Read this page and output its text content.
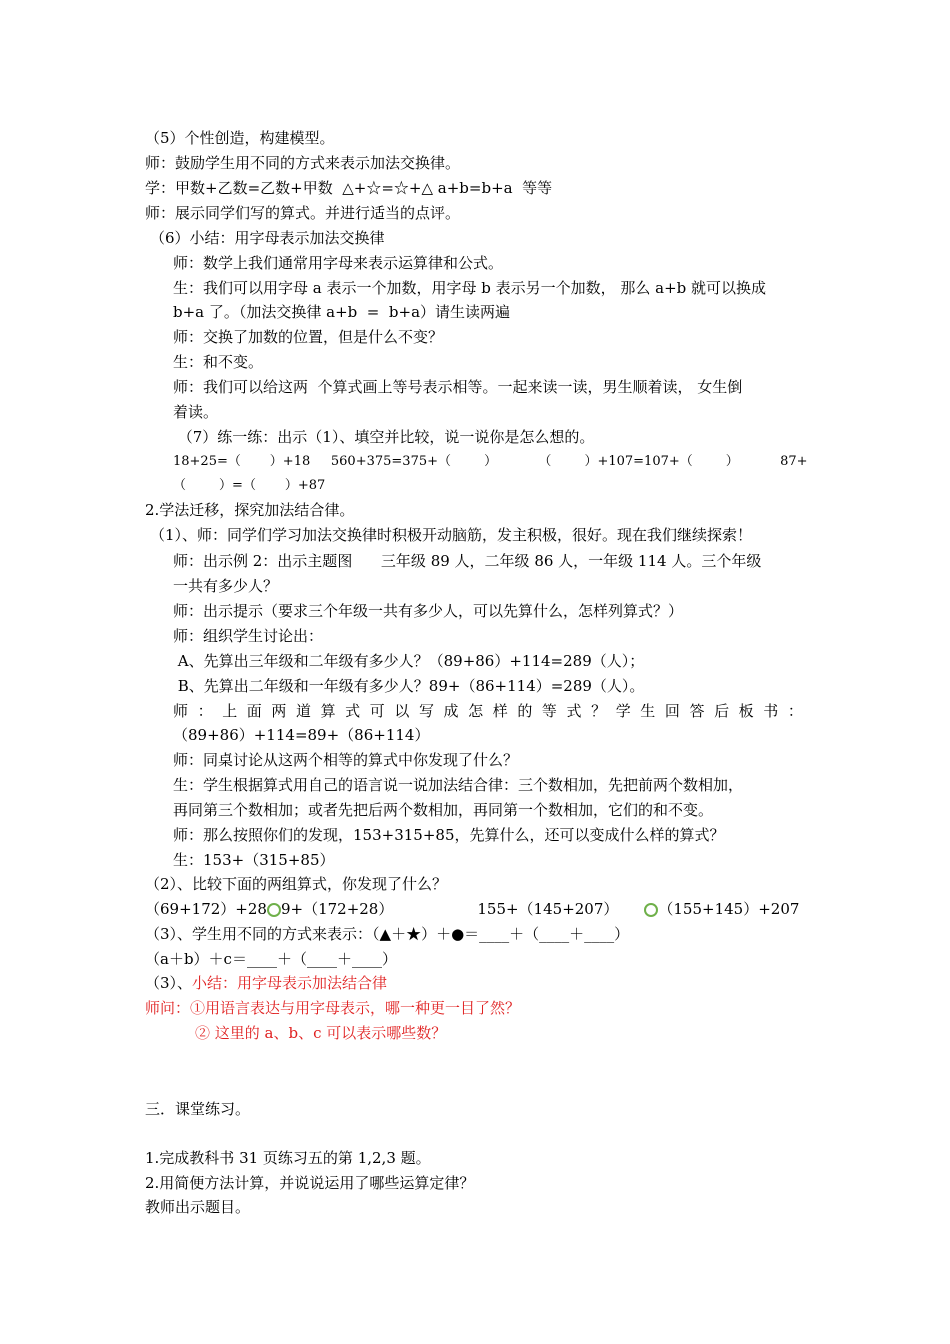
（5）个性创造，构建模型。
师：鼓励学生用不同的方式来表示加法交换律。
学：甲数+乙数=乙数+甲数  △+☆=☆+△ a+b=b+a  等等
师：展示同学们写的算式。并进行适当的点评。
（6）小结：用字母表示加法交换律
师：数学上我们通常用字母来表示运算律和公式。
生：我们可以用字母 a 表示一个加数，用字母 b 表示另一个加数， 那么 a+b 就可以换成
b+a 了。（加法交换律 a+b  =  b+a）请生读两遍
师：交换了加数的位置，但是什么不变？
生：和不变。
师：我们可以给这两  个算式画上等号表示相等。一起来读一读，男生顺着读， 女生倒
着读。
（7）练一练：出示（1）、填空并比较，说一说你是怎么想的。
18+25=（       ）+18     560+375=375+（        ）          （        ）+107=107+（        ）          87+
（        ）=（       ）+87
2.学法迁移，探究加法结合律。
（1）、师：同学们学习加法交换律时积极开动脑筋，发主积极，很好。现在我们继续探索！
师：出示例 2：出示主题图      三年级 89 人，二年级 86 人，一年级 114 人。三个年级
一共有多少人？
师：出示提示（要求三个年级一共有多少人，可以先算什么，怎样列算式？）
师：组织学生讨论出：
A、先算出三年级和二年级有多少人？（89+86）+114=289（人）；
B、先算出二年级和一年级有多少人？89+（86+114）=289（人）。
师 ： 上 面 两 道 算 式 可 以 写 成 怎 样 的 等 式 ？ 学 生 回 答 后 板 书 ：
（89+86）+114=89+（86+114）
师：同桌讨论从这两个相等的算式中你发现了什么？
生：学生根据算式用自己的语言说一说加法结合律：三个数相加，先把前两个数相加，
再同第三个数相加；或者先把后两个数相加，再同第一个数相加，它们的和不变。
师：那么按照你们的发现，153+315+85，先算什么，还可以变成什么样的算式？
生：153+（315+85）
（2）、比较下面的两组算式，你发现了什么？
（69+172）+28 9+（172+28）	155+（145+207）	（155+145）+207
（3）、学生用不同的方式来表示：（▲＋★）＋●＝____＋（____＋____）
（a＋b）＋c＝____＋（____＋____）
（3）、小结：用字母表示加法结合律
师问：①用语言表达与用字母表示，哪一种更一目了然？
② 这里的 a、b、c 可以表示哪些数？
三．课堂练习。
1.完成教科书 31 页练习五的第 1,2,3 题。
2.用简便方法计算，并说说运用了哪些运算定律？
教师出示题目。
